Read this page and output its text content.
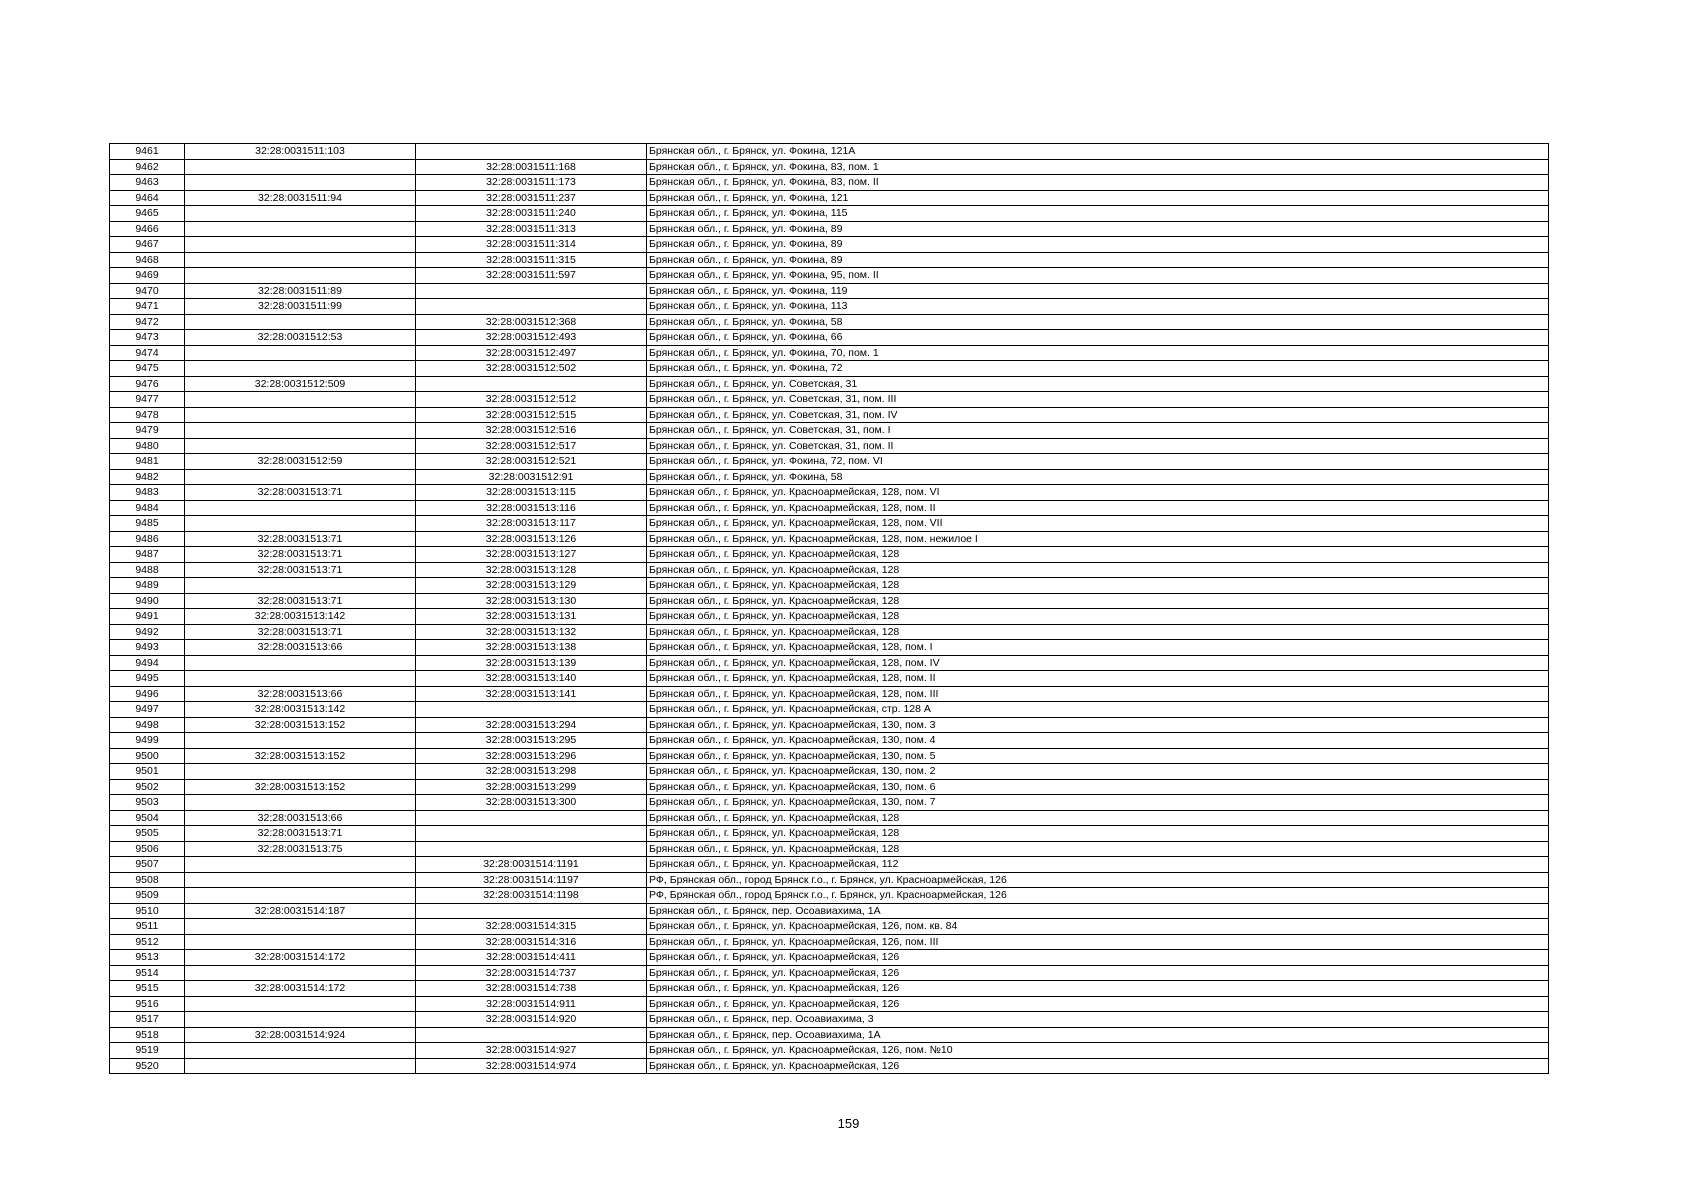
9461	32:28:0031511:103		Брянская обл., г. Брянск, ул. Фокина, 121А
9462		32:28:0031511:168	Брянская обл., г. Брянск, ул. Фокина, 83, пом. 1
9463		32:28:0031511:173	Брянская обл., г. Брянск, ул. Фокина, 83, пом. II
9464	32:28:0031511:94	32:28:0031511:237	Брянская обл., г. Брянск, ул. Фокина, 121
9465		32:28:0031511:240	Брянская обл., г. Брянск, ул. Фокина, 115
9466		32:28:0031511:313	Брянская обл., г. Брянск, ул. Фокина, 89
9467		32:28:0031511:314	Брянская обл., г. Брянск, ул. Фокина, 89
9468		32:28:0031511:315	Брянская обл., г. Брянск, ул. Фокина, 89
9469		32:28:0031511:597	Брянская обл., г. Брянск, ул. Фокина, 95, пом. II
9470	32:28:0031511:89		Брянская обл., г. Брянск, ул. Фокина, 119
9471	32:28:0031511:99		Брянская обл., г. Брянск, ул. Фокина, 113
9472		32:28:0031512:368	Брянская обл., г. Брянск, ул. Фокина, 58
9473	32:28:0031512:53	32:28:0031512:493	Брянская обл., г. Брянск, ул. Фокина, 66
9474		32:28:0031512:497	Брянская обл., г. Брянск, ул. Фокина, 70, пом. 1
9475		32:28:0031512:502	Брянская обл., г. Брянск, ул. Фокина, 72
9476	32:28:0031512:509		Брянская обл., г. Брянск, ул. Советская, 31
9477		32:28:0031512:512	Брянская обл., г. Брянск, ул. Советская, 31, пом. III
9478		32:28:0031512:515	Брянская обл., г. Брянск, ул. Советская, 31, пом. IV
9479		32:28:0031512:516	Брянская обл., г. Брянск, ул. Советская, 31, пом. I
9480		32:28:0031512:517	Брянская обл., г. Брянск, ул. Советская, 31, пом. II
9481	32:28:0031512:59	32:28:0031512:521	Брянская обл., г. Брянск, ул. Фокина, 72, пом. VI
9482		32:28:0031512:91	Брянская обл., г. Брянск, ул. Фокина, 58
9483	32:28:0031513:71	32:28:0031513:115	Брянская обл., г. Брянск, ул. Красноармейская, 128, пом. VI
9484		32:28:0031513:116	Брянская обл., г. Брянск, ул. Красноармейская, 128, пом. II
9485		32:28:0031513:117	Брянская обл., г. Брянск, ул. Красноармейская, 128, пом. VII
9486	32:28:0031513:71	32:28:0031513:126	Брянская обл., г. Брянск, ул. Красноармейская, 128, пом. нежилое I
9487	32:28:0031513:71	32:28:0031513:127	Брянская обл., г. Брянск, ул. Красноармейская, 128
9488	32:28:0031513:71	32:28:0031513:128	Брянская обл., г. Брянск, ул. Красноармейская, 128
9489		32:28:0031513:129	Брянская обл., г. Брянск, ул. Красноармейская, 128
9490	32:28:0031513:71	32:28:0031513:130	Брянская обл., г. Брянск, ул. Красноармейская, 128
9491	32:28:0031513:142	32:28:0031513:131	Брянская обл., г. Брянск, ул. Красноармейская, 128
9492	32:28:0031513:71	32:28:0031513:132	Брянская обл., г. Брянск, ул. Красноармейская, 128
9493	32:28:0031513:66	32:28:0031513:138	Брянская обл., г. Брянск, ул. Красноармейская, 128, пом. I
9494		32:28:0031513:139	Брянская обл., г. Брянск, ул. Красноармейская, 128, пом. IV
9495		32:28:0031513:140	Брянская обл., г. Брянск, ул. Красноармейская, 128, пом. II
9496	32:28:0031513:66	32:28:0031513:141	Брянская обл., г. Брянск, ул. Красноармейская, 128, пом. III
9497	32:28:0031513:142		Брянская обл., г. Брянск, ул. Красноармейская, стр. 128 А
9498	32:28:0031513:152	32:28:0031513:294	Брянская обл., г. Брянск, ул. Красноармейская, 130, пом. 3
9499		32:28:0031513:295	Брянская обл., г. Брянск, ул. Красноармейская, 130, пом. 4
9500	32:28:0031513:152	32:28:0031513:296	Брянская обл., г. Брянск, ул. Красноармейская, 130, пом. 5
9501		32:28:0031513:298	Брянская обл., г. Брянск, ул. Красноармейская, 130, пом. 2
9502	32:28:0031513:152	32:28:0031513:299	Брянская обл., г. Брянск, ул. Красноармейская, 130, пом. 6
9503		32:28:0031513:300	Брянская обл., г. Брянск, ул. Красноармейская, 130, пом. 7
9504	32:28:0031513:66		Брянская обл., г. Брянск, ул. Красноармейская, 128
9505	32:28:0031513:71		Брянская обл., г. Брянск, ул. Красноармейская, 128
9506	32:28:0031513:75		Брянская обл., г. Брянск, ул. Красноармейская, 128
9507		32:28:0031514:1191	Брянская обл., г. Брянск, ул. Красноармейская, 112
9508		32:28:0031514:1197	РФ, Брянская обл., город Брянск г.о., г. Брянск, ул. Красноармейская, 126
9509		32:28:0031514:1198	РФ, Брянская обл., город Брянск г.о., г. Брянск, ул. Красноармейская, 126
9510	32:28:0031514:187		Брянская обл., г. Брянск, пер. Осоавиахима, 1А
9511		32:28:0031514:315	Брянская обл., г. Брянск, ул. Красноармейская, 126, пом. кв. 84
9512		32:28:0031514:316	Брянская обл., г. Брянск, ул. Красноармейская, 126, пом. III
9513	32:28:0031514:172	32:28:0031514:411	Брянская обл., г. Брянск, ул. Красноармейская, 126
9514		32:28:0031514:737	Брянская обл., г. Брянск, ул. Красноармейская, 126
9515	32:28:0031514:172	32:28:0031514:738	Брянская обл., г. Брянск, ул. Красноармейская, 126
9516		32:28:0031514:911	Брянская обл., г. Брянск, ул. Красноармейская, 126
9517		32:28:0031514:920	Брянская обл., г. Брянск, пер. Осоавиахима, 3
9518	32:28:0031514:924		Брянская обл., г. Брянск, пер. Осоавиахима, 1А
9519		32:28:0031514:927	Брянская обл., г. Брянск, ул. Красноармейская, 126, пом. №10
9520		32:28:0031514:974	Брянская обл., г. Брянск, ул. Красноармейская, 126
159
